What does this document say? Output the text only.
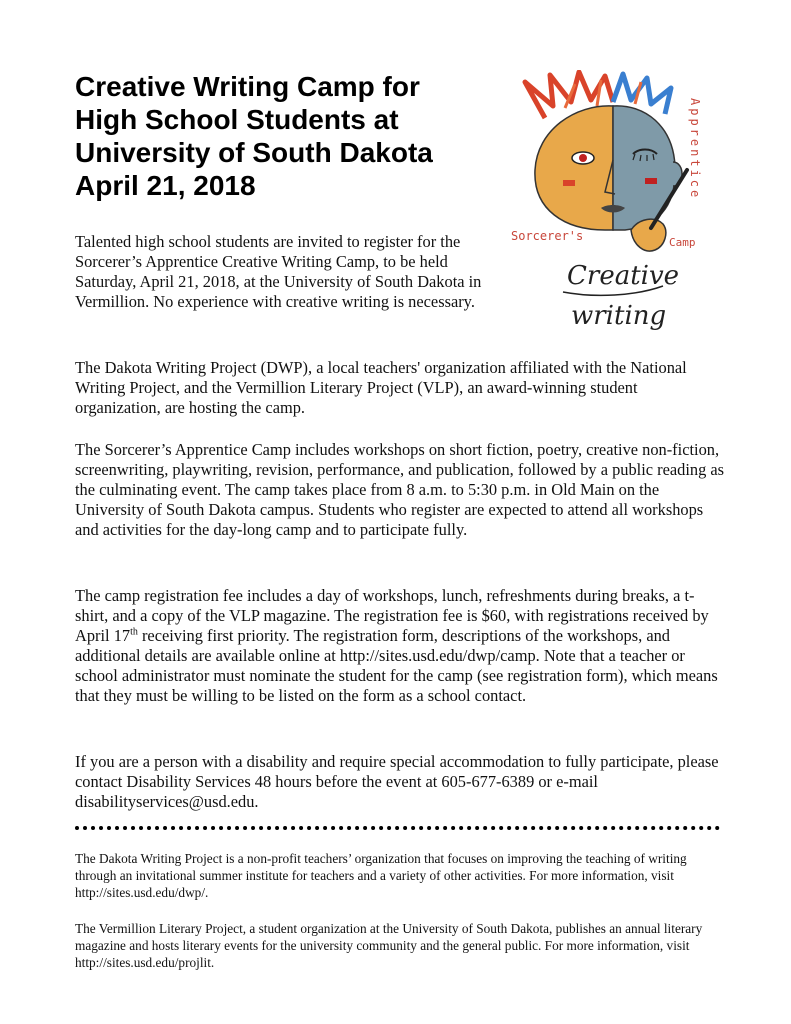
Creative Writing Camp for
High School Students at
University of South Dakota
April 21, 2018	Apprentice
Sorcerer's	Camp
Creative
writing

Talented high school students are invited to register for the Sorcerer’s Apprentice Creative Writing Camp, to be held Saturday, April 21, 2018, at the University of South Dakota in Vermillion. No experience with creative writing is necessary.

The Dakota Writing Project (DWP), a local teachers' organization affiliated with the National Writing Project, and the Vermillion Literary Project (VLP), an award-winning student organization, are hosting the camp.

The Sorcerer’s Apprentice Camp includes workshops on short fiction, poetry, creative non-fiction, screenwriting, playwriting, revision, performance, and publication, followed by a public reading as the culminating event. The camp takes place from 8 a.m. to 5:30 p.m. in Old Main on the University of South Dakota campus. Students who register are expected to attend all workshops and activities for the day-long camp and to participate fully.

The camp registration fee includes a day of workshops, lunch, refreshments during breaks, a t-shirt, and a copy of the VLP magazine. The registration fee is $60, with registrations received by April 17th receiving first priority. The registration form, descriptions of the workshops, and additional details are available online at http://sites.usd.edu/dwp/camp. Note that a teacher or school administrator must nominate the student for the camp (see registration form), which means that they must be willing to be listed on the form as a school contact.

If you are a person with a disability and require special accommodation to fully participate, please contact Disability Services 48 hours before the event at 605-677-6389 or e-mail disabilityservices@usd.edu.

The Dakota Writing Project is a non-profit teachers’ organization that focuses on improving the teaching of writing through an invitational summer institute for teachers and a variety of other activities. For more information, visit http://sites.usd.edu/dwp/.

The Vermillion Literary Project, a student organization at the University of South Dakota, publishes an annual literary magazine and hosts literary events for the university community and the general public. For more information, visit http://sites.usd.edu/projlit.
